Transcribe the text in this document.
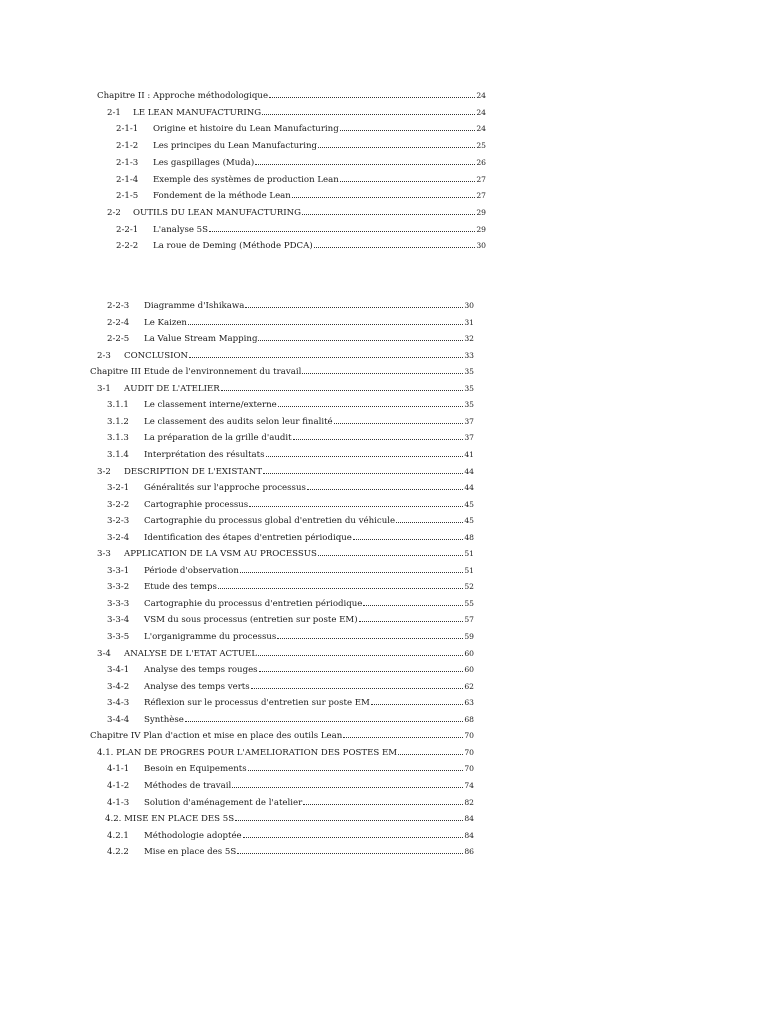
Chapitre II : Approche méthodologique	24
2-1	LE LEAN MANUFACTURING	24
2-1-1	Origine et histoire du Lean Manufacturing	24
2-1-2	Les principes du Lean Manufacturing	25
2-1-3	Les gaspillages (Muda)	26
2-1-4	Exemple des systèmes de production Lean	27
2-1-5	Fondement de la méthode Lean	27
2-2	OUTILS DU LEAN MANUFACTURING	29
2-2-1	L'analyse 5S	29
2-2-2	La roue de Deming (Méthode PDCA)	30
2-2-3	Diagramme d'Ishikawa	30
2-2-4	Le Kaizen	31
2-2-5	La Value Stream Mapping	32
2-3	CONCLUSION	33
Chapitre III Etude de l'environnement du travail	35
3-1	AUDIT DE L'ATELIER	35
3.1.1	Le classement interne/externe	35
3.1.2	Le classement des audits selon leur finalité	37
3.1.3	La préparation de la grille d'audit	37
3.1.4	Interprétation des résultats	41
3-2	DESCRIPTION DE L'EXISTANT	44
3-2-1	Généralités sur l'approche processus	44
3-2-2	Cartographie processus	45
3-2-3	Cartographie du processus global d'entretien du véhicule	45
3-2-4	Identification des étapes d'entretien périodique	48
3-3	APPLICATION DE LA VSM AU PROCESSUS	51
3-3-1	Période d'observation	51
3-3-2	Etude des temps	52
3-3-3	Cartographie du processus d'entretien périodique	55
3-3-4	VSM du sous processus (entretien sur poste EM)	57
3-3-5	L'organigramme du processus	59
3-4	ANALYSE DE L'ETAT ACTUEL	60
3-4-1	Analyse des temps rouges	60
3-4-2	Analyse des temps verts	62
3-4-3	Réflexion sur le processus d'entretien sur poste EM	63
3-4-4	Synthèse	68
Chapitre IV Plan d'action et mise en place des outils Lean	70
4.1. PLAN DE PROGRES POUR L'AMELIORATION DES POSTES EM	70
4-1-1	Besoin en Equipements	70
4-1-2	Méthodes de travail	74
4-1-3	Solution d'aménagement de l'atelier	82
4.2. MISE EN PLACE DES 5S	84
4.2.1	Méthodologie adoptée	84
4.2.2	Mise en place des 5S	86
